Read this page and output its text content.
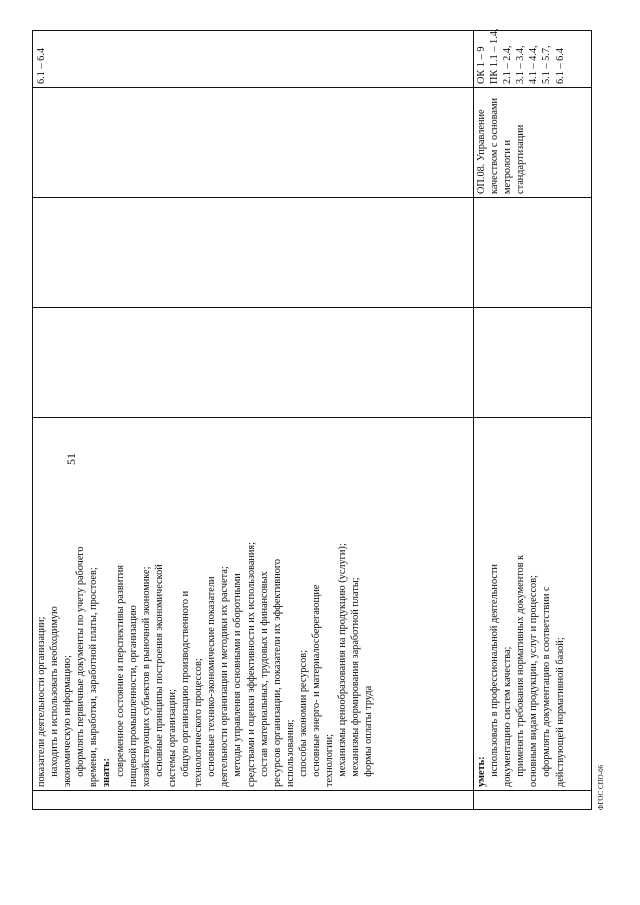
51
показатели деятельности организации; находить и использовать необходимую экономическую информацию; оформлять первичные документы по учету рабочего времени, выработки, заработной платы, простоев; знать: современное состояние и перспективы развития пищевой промышленности, организацию хозяйствующих субъектов в рыночной экономике; основные принципы построения экономической системы организации; общую организацию производственного и технологического процессов; основные технико-экономические показатели деятельности организации и методики их расчета; методы управления основными и оборотными средствами и оценки эффективности их использования; состав материальных, трудовых и финансовых ресурсов организации, показатели их эффективного использования; способы экономии ресурсов; основные энерго- и материалосберегающие технологии; механизмы ценообразования на продукцию (услуги); механизмы формирования заработной платы; формы оплаты труда
6.1 – 6.4
уметь: использовать в профессиональной деятельности документацию систем качества; применять требования нормативных документов к основным видам продукции, услуг и процессов; оформлять документацию в соответствии с действующей нормативной базой;
ОП.08. Управление качеством с основами метрологи и стандартизации
ОК 1 – 9 ПК 1.1 – 1.4, 2.1 – 2.4, 3.1 – 3.4, 4.1 – 4.4, 5.1 – 5.7, 6.1 – 6.4
ФГОС СПО-06
